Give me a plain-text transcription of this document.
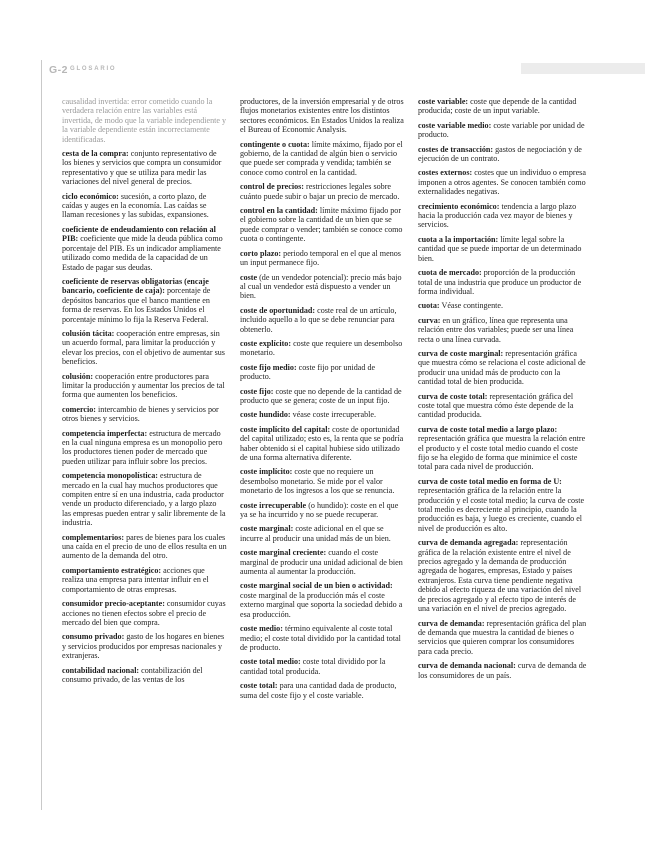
G-2 GLOSARIO

causalidad invertida: error cometido cuando la verdadera relación entre las variables está invertida, de modo que la variable independiente y la variable dependiente están incorrectamente identificadas.

cesta de la compra: conjunto representativo de los bienes y servicios que compra un consumidor representativo y que se utiliza para medir las variaciones del nivel general de precios.

ciclo económico: sucesión, a corto plazo, de caídas y auges en la economía. Las caídas se llaman recesiones y las subidas, expansiones.

coeficiente de endeudamiento con relación al PIB: coeficiente que mide la deuda pública como porcentaje del PIB. Es un indicador ampliamente utilizado como medida de la capacidad de un Estado de pagar sus deudas.

coeficiente de reservas obligatorias (encaje bancario, coeficiente de caja): porcentaje de depósitos bancarios que el banco mantiene en forma de reservas. En los Estados Unidos el porcentaje mínimo lo fija la Reserva Federal.

colusión tácita: cooperación entre empresas, sin un acuerdo formal, para limitar la producción y elevar los precios, con el objetivo de aumentar sus beneficios.

colusión: cooperación entre productores para limitar la producción y aumentar los precios de tal forma que aumenten los beneficios.

comercio: intercambio de bienes y servicios por otros bienes y servicios.

competencia imperfecta: estructura de mercado en la cual ninguna empresa es un monopolio pero los productores tienen poder de mercado que pueden utilizar para influir sobre los precios.

competencia monopolística: estructura de mercado en la cual hay muchos productores que compiten entre sí en una industria, cada productor vende un producto diferenciado, y a largo plazo las empresas pueden entrar y salir libremente de la industria.

complementarios: pares de bienes para los cuales una caída en el precio de uno de ellos resulta en un aumento de la demanda del otro.

comportamiento estratégico: acciones que realiza una empresa para intentar influir en el comportamiento de otras empresas.

consumidor precio-aceptante: consumidor cuyas acciones no tienen efectos sobre el precio de mercado del bien que compra.

consumo privado: gasto de los hogares en bienes y servicios producidos por empresas nacionales y extranjeras.

contabilidad nacional: contabilización del consumo privado, de las ventas de los

productores, de la inversión empresarial y de otros flujos monetarios existentes entre los distintos sectores económicos. En Estados Unidos la realiza el Bureau of Economic Analysis.

contingente o cuota: límite máximo, fijado por el gobierno, de la cantidad de algún bien o servicio que puede ser comprada y vendida; también se conoce como control en la cantidad.

control de precios: restricciones legales sobre cuánto puede subir o bajar un precio de mercado.

control en la cantidad: límite máximo fijado por el gobierno sobre la cantidad de un bien que se puede comprar o vender; también se conoce como cuota o contingente.

corto plazo: periodo temporal en el que al menos un input permanece fijo.

coste (de un vendedor potencial): precio más bajo al cual un vendedor está dispuesto a vender un bien.

coste de oportunidad: coste real de un artículo, incluido aquello a lo que se debe renunciar para obtenerlo.

coste explícito: coste que requiere un desembolso monetario.

coste fijo medio: coste fijo por unidad de producto.

coste fijo: coste que no depende de la cantidad de producto que se genera; coste de un input fijo.

coste hundido: véase coste irrecuperable.

coste implícito del capital: coste de oportunidad del capital utilizado; esto es, la renta que se podría haber obtenido si el capital hubiese sido utilizado de una forma alternativa diferente.

coste implícito: coste que no requiere un desembolso monetario. Se mide por el valor monetario de los ingresos a los que se renuncia.

coste irrecuperable (o hundido): coste en el que ya se ha incurrido y no se puede recuperar.

coste marginal: coste adicional en el que se incurre al producir una unidad más de un bien.

coste marginal creciente: cuando el coste marginal de producir una unidad adicional de bien aumenta al aumentar la producción.

coste marginal social de un bien o actividad: coste marginal de la producción más el coste externo marginal que soporta la sociedad debido a esa producción.

coste medio: término equivalente al coste total medio; el coste total dividido por la cantidad total de producto.

coste total medio: coste total dividido por la cantidad total producida.

coste total: para una cantidad dada de producto, suma del coste fijo y el coste variable.

coste variable: coste que depende de la cantidad producida; coste de un input variable.

coste variable medio: coste variable por unidad de producto.

costes de transacción: gastos de negociación y de ejecución de un contrato.

costes externos: costes que un individuo o empresa imponen a otros agentes. Se conocen también como externalidades negativas.

crecimiento económico: tendencia a largo plazo hacia la producción cada vez mayor de bienes y servicios.

cuota a la importación: límite legal sobre la cantidad que se puede importar de un determinado bien.

cuota de mercado: proporción de la producción total de una industria que produce un productor de forma individual.

cuota: Véase contingente.

curva: en un gráfico, línea que representa una relación entre dos variables; puede ser una línea recta o una línea curvada.

curva de coste marginal: representación gráfica que muestra cómo se relaciona el coste adicional de producir una unidad más de producto con la cantidad total de bien producida.

curva de coste total: representación gráfica del coste total que muestra cómo éste depende de la cantidad producida.

curva de coste total medio a largo plazo: representación gráfica que muestra la relación entre el producto y el coste total medio cuando el coste fijo se ha elegido de forma que minimice el coste total para cada nivel de producción.

curva de coste total medio en forma de U: representación gráfica de la relación entre la producción y el coste total medio; la curva de coste total medio es decreciente al principio, cuando la producción es baja, y luego es creciente, cuando el nivel de producción es alto.

curva de demanda agregada: representación gráfica de la relación existente entre el nivel de precios agregado y la demanda de producción agregada de hogares, empresas, Estado y países extranjeros. Esta curva tiene pendiente negativa debido al efecto riqueza de una variación del nivel de precios agregado y al efecto tipo de interés de una variación en el nivel de precios agregado.

curva de demanda: representación gráfica del plan de demanda que muestra la cantidad de bienes o servicios que quieren comprar los consumidores para cada precio.

curva de demanda nacional: curva de demanda de los consumidores de un país.
